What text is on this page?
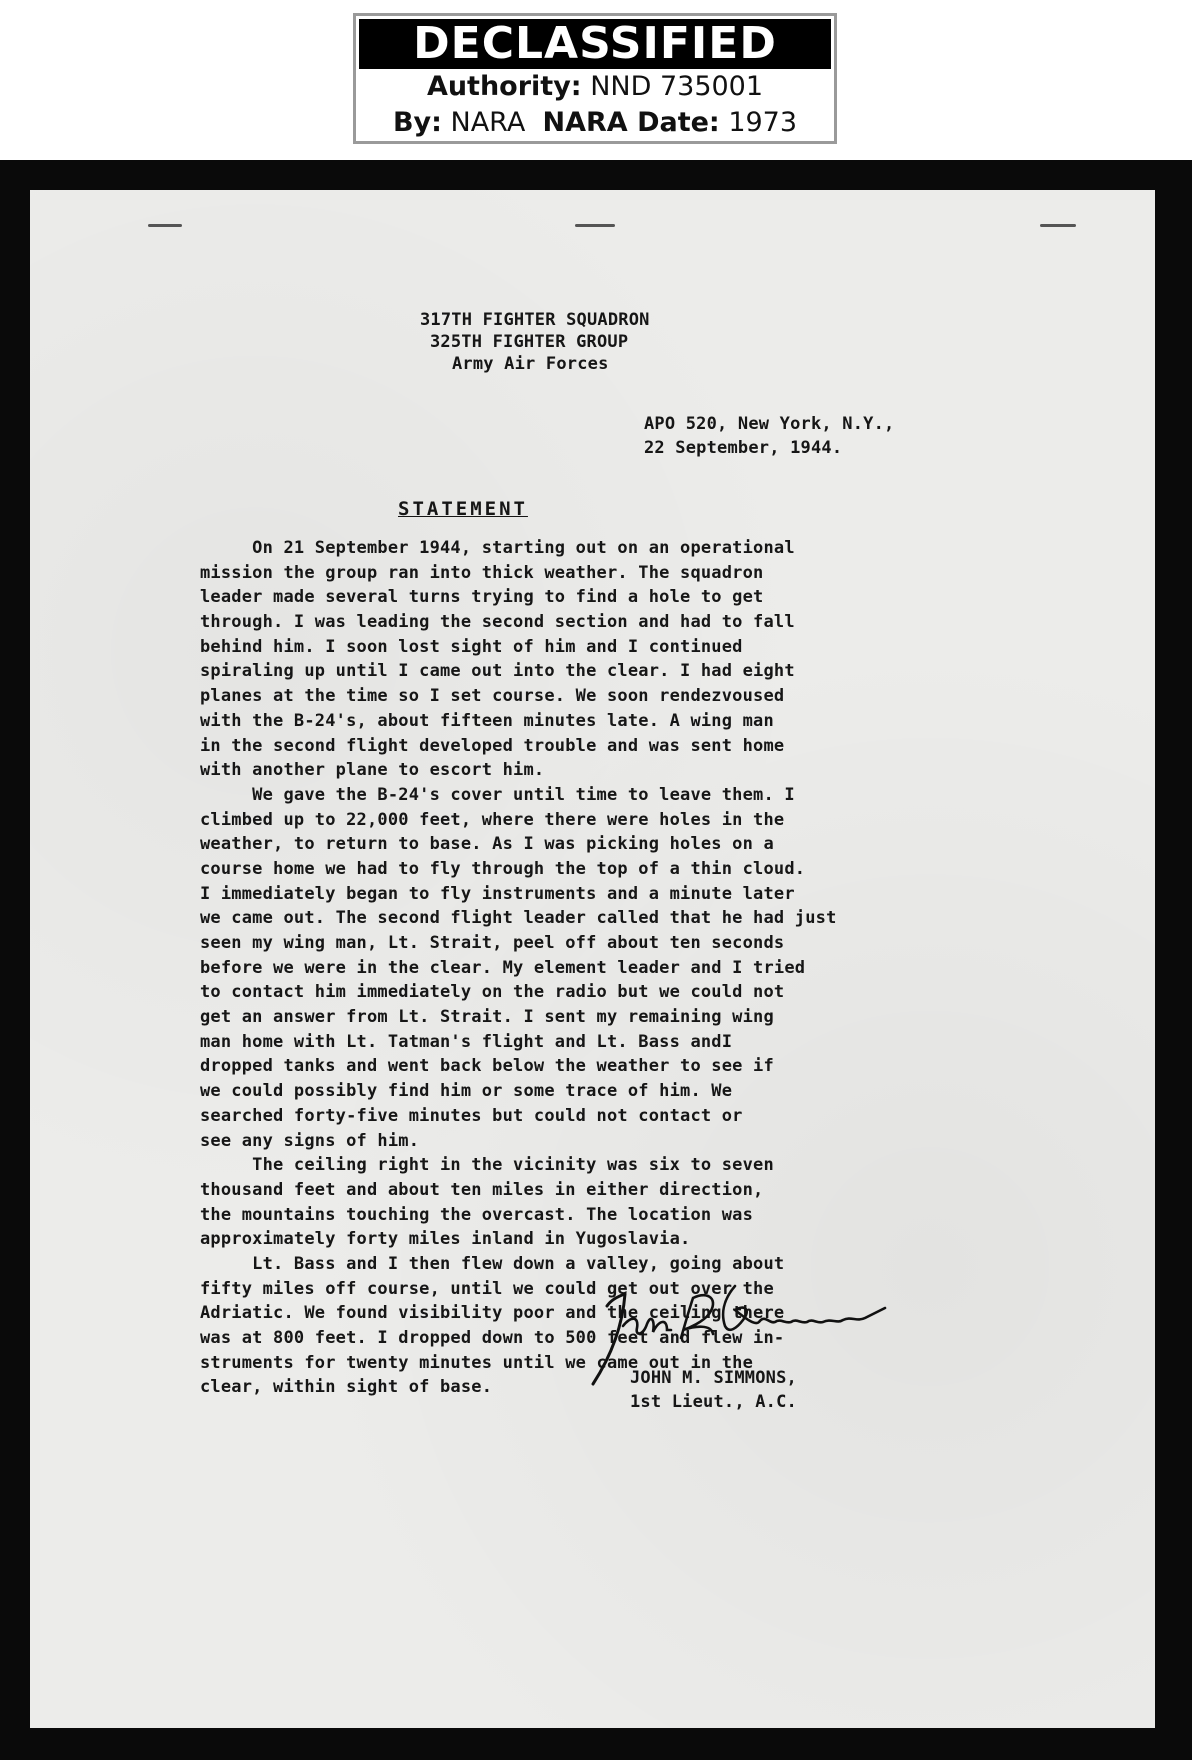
DECLASSIFIED
Authority: NND 735001
By: NARA NARA Date: 1973
317TH FIGHTER SQUADRON
325TH FIGHTER GROUP
Army Air Forces
APO 520, New York, N.Y.,
22 September, 1944.
STATEMENT
On 21 September 1944, starting out on an operational
mission the group ran into thick weather. The squadron
leader made several turns trying to find a hole to get
through. I was leading the second section and had to fall
behind him. I soon lost sight of him and I continued
spiraling up until I came out into the clear. I had eight
planes at the time so I set course. We soon rendezvoused
with the B-24's, about fifteen minutes late. A wing man
in the second flight developed trouble and was sent home
with another plane to escort him.
We gave the B-24's cover until time to leave them. I
climbed up to 22,000 feet, where there were holes in the
weather, to return to base. As I was picking holes on a
course home we had to fly through the top of a thin cloud.
I immediately began to fly instruments and a minute later
we came out. The second flight leader called that he had just
seen my wing man, Lt. Strait, peel off about ten seconds
before we were in the clear. My element leader and I tried
to contact him immediately on the radio but we could not
get an answer from Lt. Strait. I sent my remaining wing
man home with Lt. Tatman's flight and Lt. Bass andI
dropped tanks and went back below the weather to see if
we could possibly find him or some trace of him. We
searched forty-five minutes but could not contact or
see any signs of him.
The ceiling right in the vicinity was six to seven
thousand feet and about ten miles in either direction,
the mountains touching the overcast. The location was
approximately forty miles inland in Yugoslavia.
Lt. Bass and I then flew down a valley, going about
fifty miles off course, until we could get out over the
Adriatic. We found visibility poor and the ceiling there
was at 800 feet. I dropped down to 500 feet and flew in-
struments for twenty minutes until we came out in the
clear, within sight of base.	JOHN M. SIMMONS,
1st Lieut., A.C.
